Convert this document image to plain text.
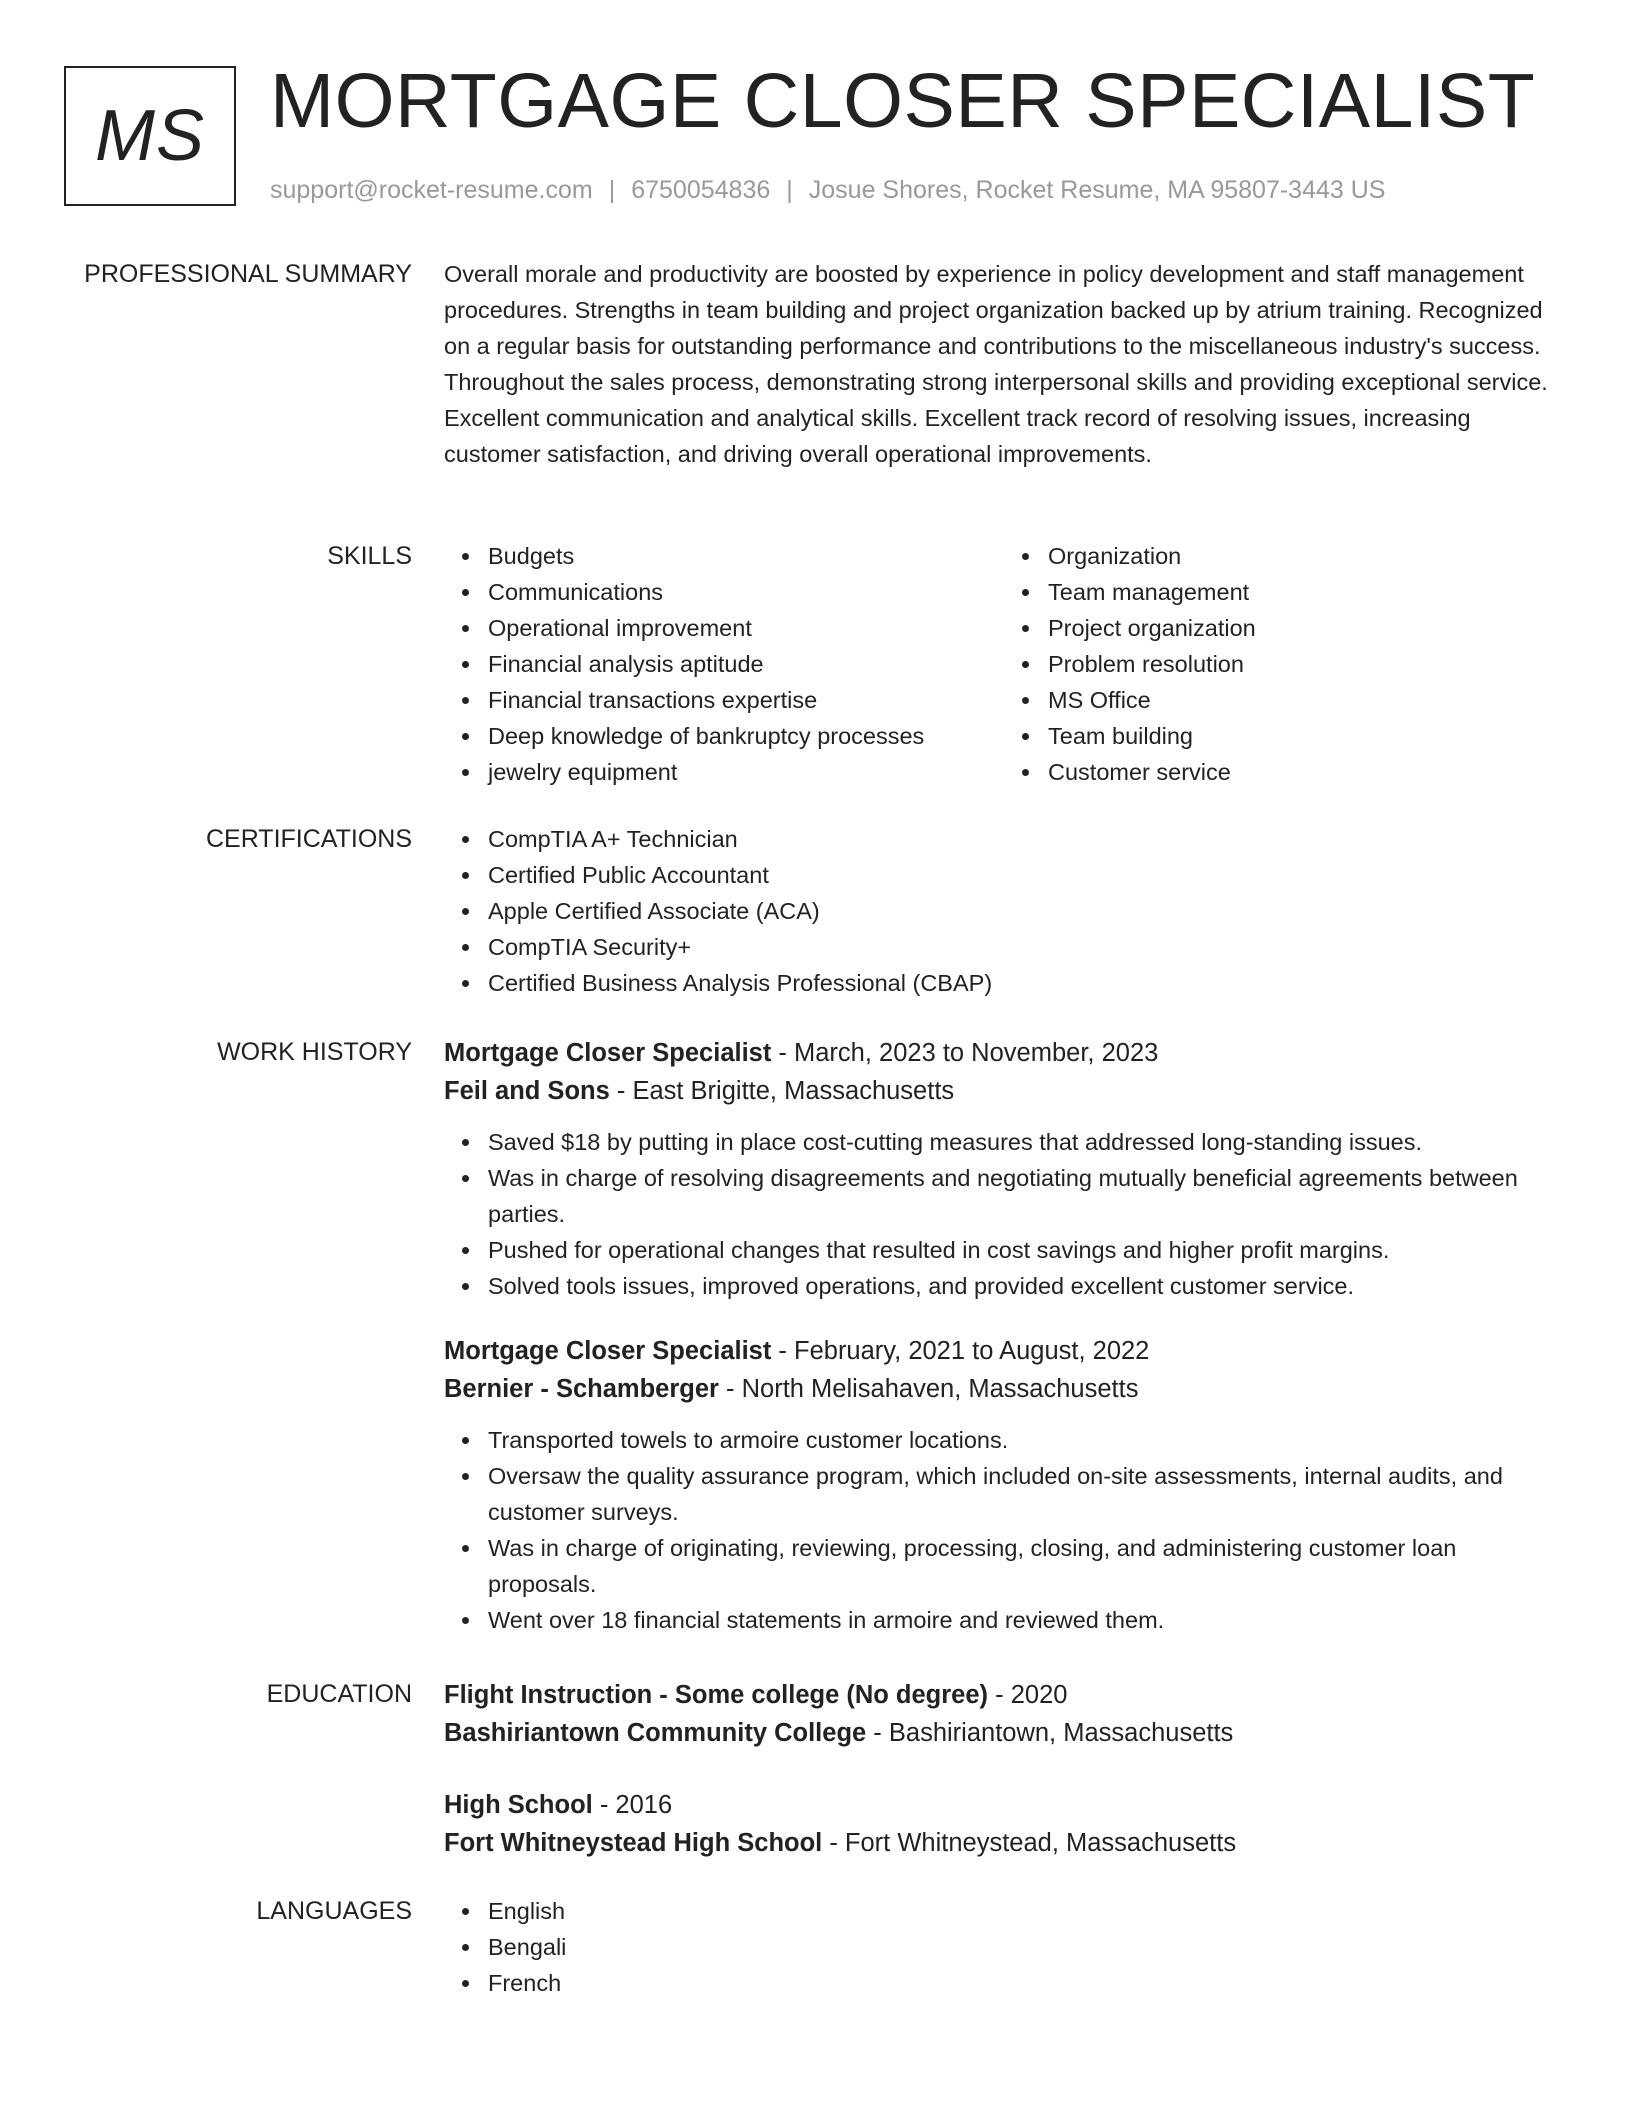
MS MORTGAGE CLOSER SPECIALIST
support@rocket-resume.com | 6750054836 | Josue Shores, Rocket Resume, MA 95807-3443 US
PROFESSIONAL SUMMARY Overall morale and productivity are boosted by experience in policy development and staff management procedures. Strengths in team building and project organization backed up by atrium training. Recognized on a regular basis for outstanding performance and contributions to the miscellaneous industry's success. Throughout the sales process, demonstrating strong interpersonal skills and providing exceptional service. Excellent communication and analytical skills. Excellent track record of resolving issues, increasing customer satisfaction, and driving overall operational improvements.

SKILLS	Budgets
Communications
Operational improvement
Financial analysis aptitude
Financial transactions expertise
Deep knowledge of bankruptcy processes
jewelry equipment
Organization
Team management
Project organization
Problem resolution
MS Office
Team building
Customer service
CERTIFICATIONS	CompTIA A+ Technician
Certified Public Accountant
Apple Certified Associate (ACA)
CompTIA Security+
Certified Business Analysis Professional (CBAP)
WORK HISTORY Mortgage Closer Specialist - March, 2023 to November, 2023
Feil and Sons - East Brigitte, Massachusetts
Saved $18 by putting in place cost-cutting measures that addressed long-standing issues.
Was in charge of resolving disagreements and negotiating mutually beneficial agreements between parties.
Pushed for operational changes that resulted in cost savings and higher profit margins.
Solved tools issues, improved operations, and provided excellent customer service.
Mortgage Closer Specialist - February, 2021 to August, 2022
Bernier - Schamberger - North Melisahaven, Massachusetts
Transported towels to armoire customer locations.
Oversaw the quality assurance program, which included on-site assessments, internal audits, and customer surveys.
Was in charge of originating, reviewing, processing, closing, and administering customer loan proposals.
Went over 18 financial statements in armoire and reviewed them.
EDUCATION Flight Instruction - Some college (No degree) - 2020
Bashiriantown Community College - Bashiriantown, Massachusetts
High School - 2016
Fort Whitneystead High School - Fort Whitneystead, Massachusetts
LANGUAGES	English
Bengali
French
